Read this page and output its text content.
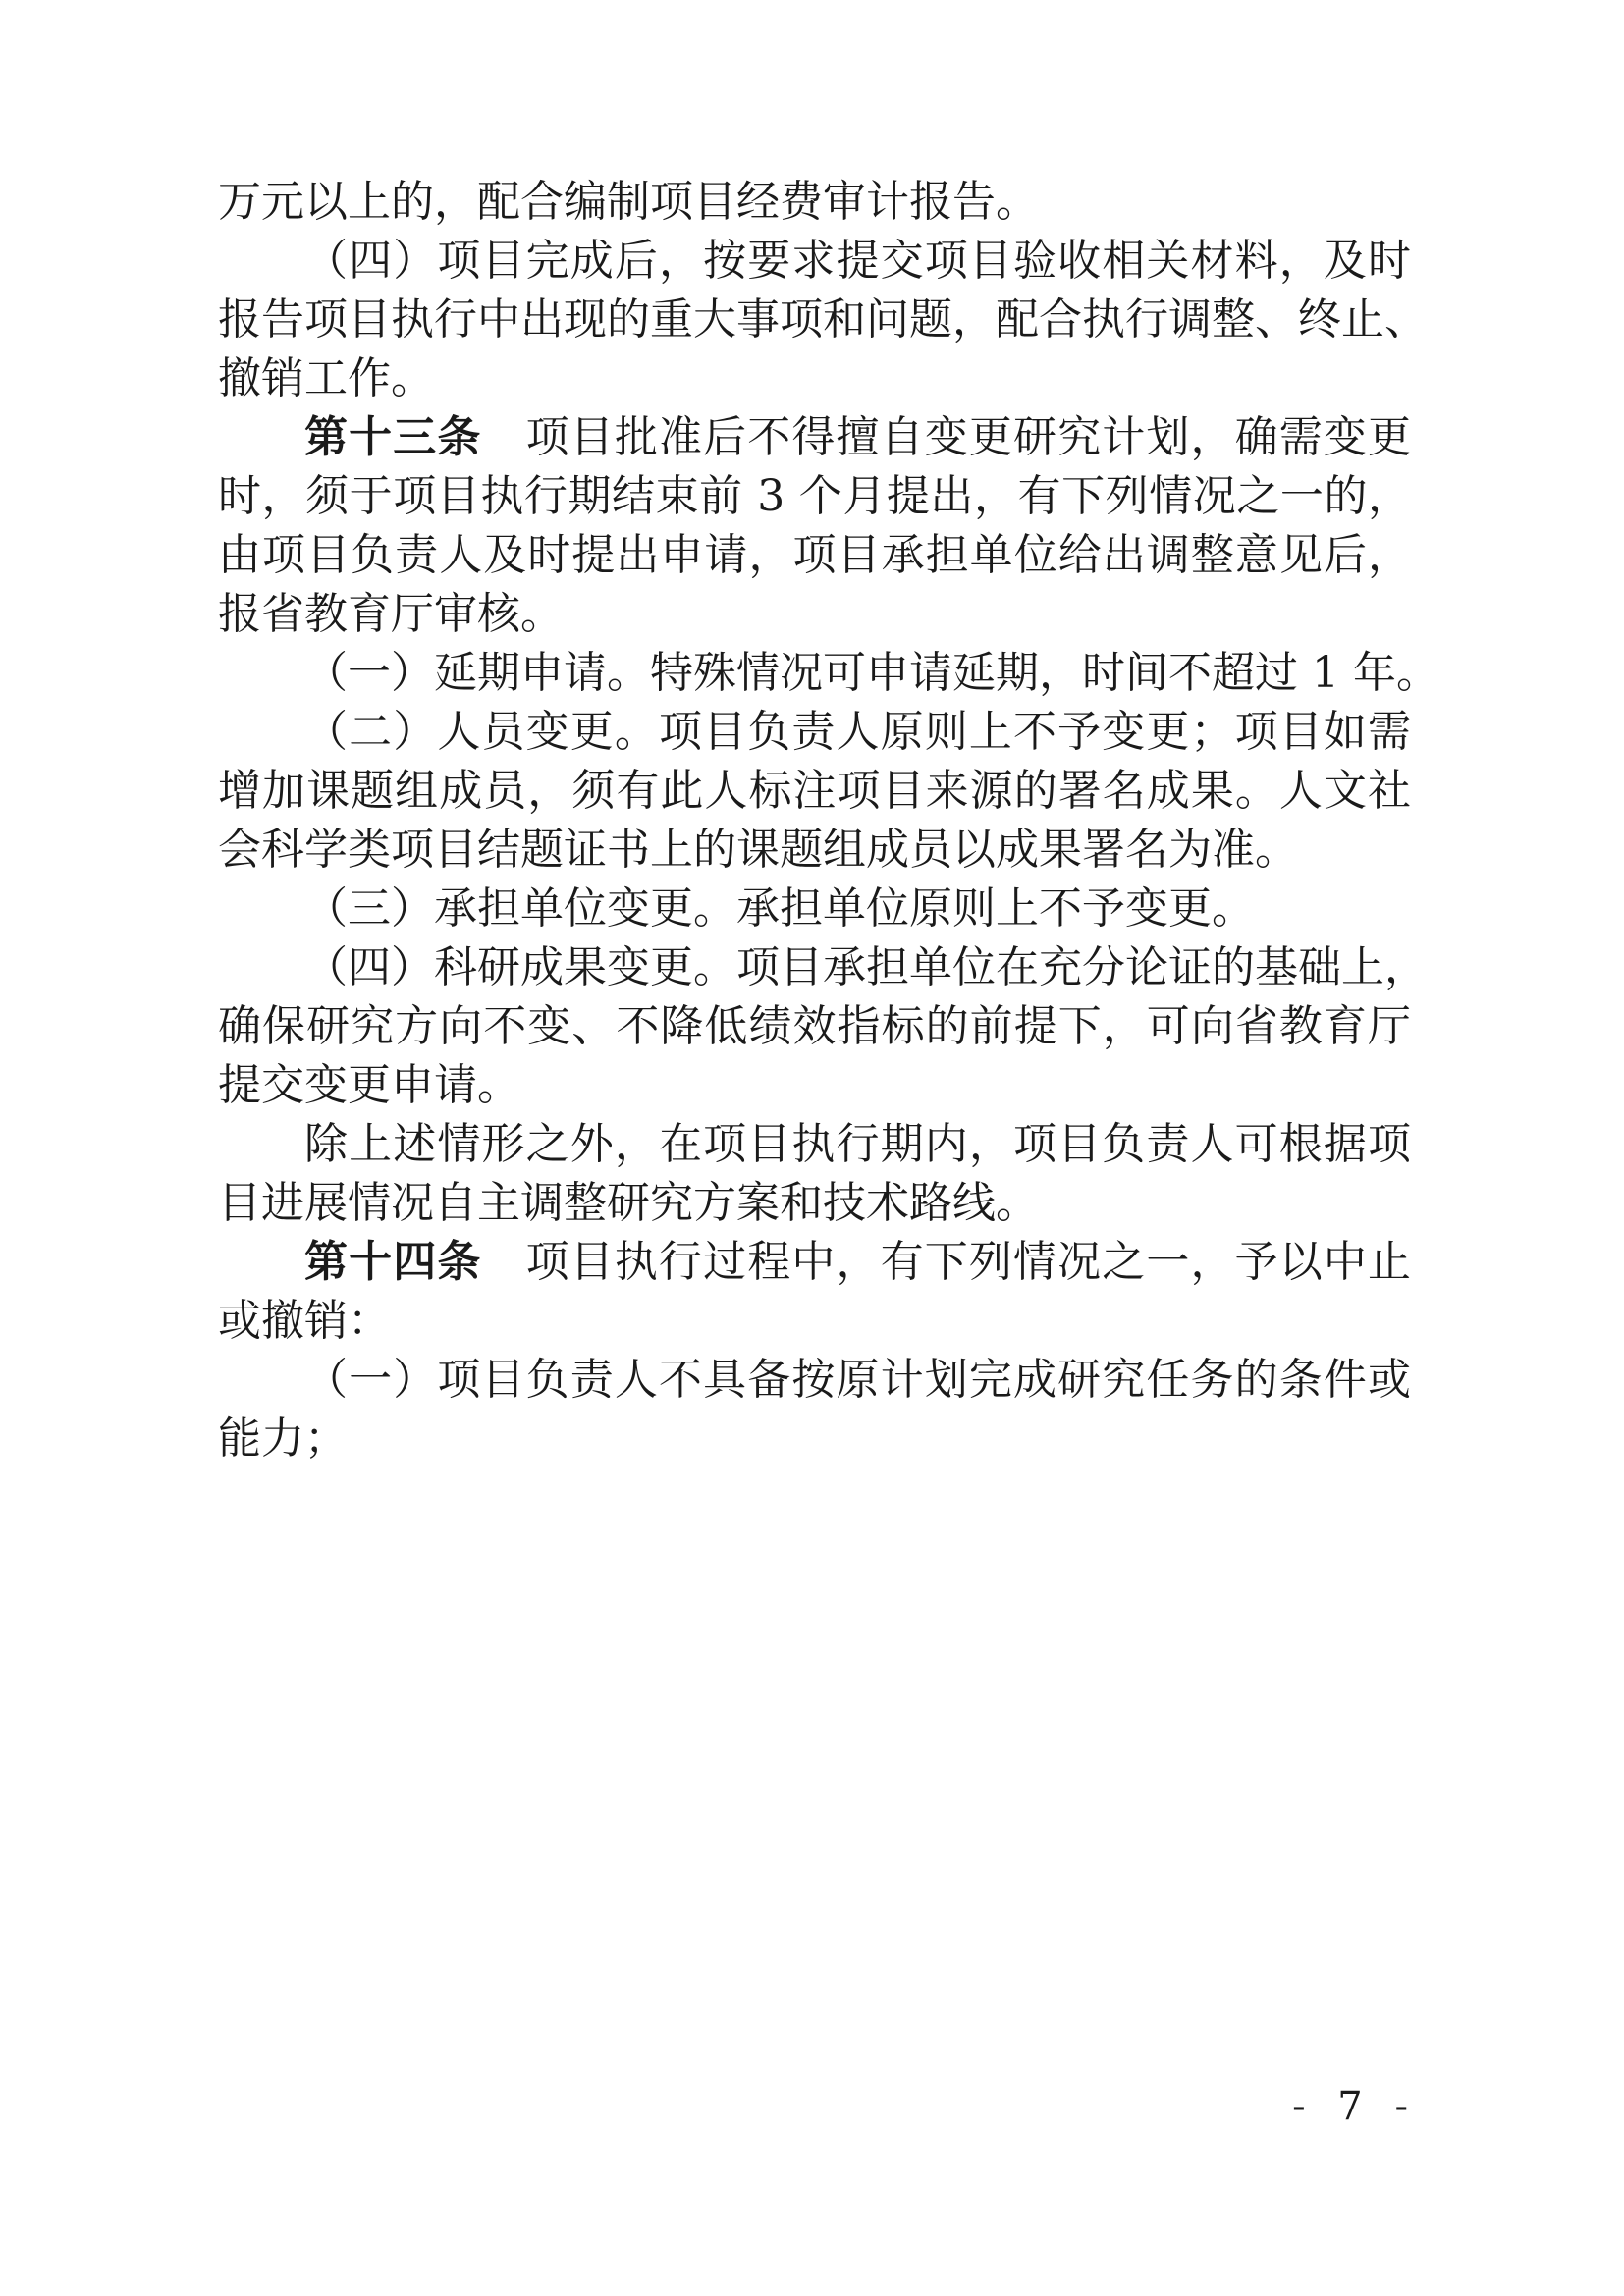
万元以上的，配合编制项目经费审计报告。
（四）项目完成后，按要求提交项目验收相关材料，及时
报告项目执行中出现的重大事项和问题，配合执行调整、终止、
撤销工作。
第十三条 项目批准后不得擅自变更研究计划，确需变更
时，须于项目执行期结束前 3 个月提出，有下列情况之一的，
由项目负责人及时提出申请，项目承担单位给出调整意见后，
报省教育厅审核。
（一）延期申请。特殊情况可申请延期，时间不超过 1 年。
（二）人员变更。项目负责人原则上不予变更；项目如需
增加课题组成员，须有此人标注项目来源的署名成果。人文社
会科学类项目结题证书上的课题组成员以成果署名为准。
（三）承担单位变更。承担单位原则上不予变更。
（四）科研成果变更。项目承担单位在充分论证的基础上，
确保研究方向不变、不降低绩效指标的前提下，可向省教育厅
提交变更申请。
除上述情形之外，在项目执行期内，项目负责人可根据项
目进展情况自主调整研究方案和技术路线。
第十四条 项目执行过程中，有下列情况之一，予以中止
或撤销：
（一）项目负责人不具备按原计划完成研究任务的条件或
能力；
- 7 -
